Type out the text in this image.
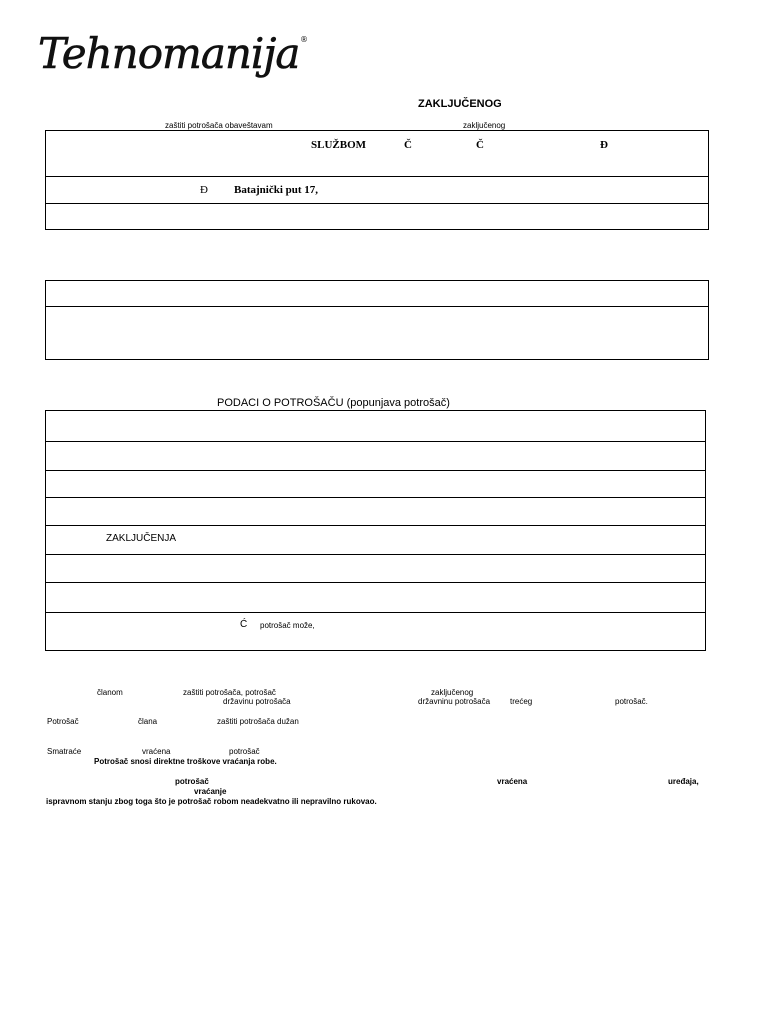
Tehnomanija ®
ZAKLJUČENOG
zaštiti potrošača obaveštavam	zaključenog
SLUŽBOM	Č	Č	Đ
Đ Batajnički put 17,
PODACI O POTROŠAČU (popunjava potrošač)
ZAKLJUČENJA
Ć potrošač može,
članom	zaštiti potrošača, potrošač	zaključenog
državinu potrošača	državninu potrošača trećeg	potrošač.
Potrošač	člana	zaštiti potrošača dužan
Smatraće	vraćena	potrošač
Potrošač snosi direktne troškove vraćanja robe.
potrošač	vraćena	uređaja,
vraćanje
ispravnom stanju zbog toga što je potrošač robom neadekvatno ili nepravilno rukovao.
